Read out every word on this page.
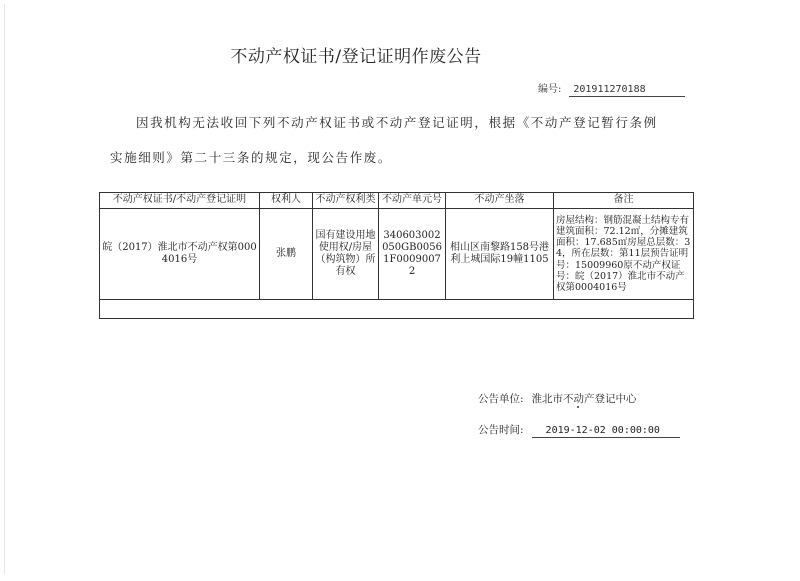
不动产权证书/登记证明作废公告
编号: 201911270188
因我机构无法收回下列不动产权证书或不动产登记证明，根据《不动产登记暂行条例
实施细则》第二十三条的规定，现公告作废。
不动产权证书/不动产登记证明	权利人	不动产权利类	不动产单元号	不动产坐落	备注
皖（2017）淮北市不动产权第0004016号	张鹏	国有建设用地使用权/房屋（构筑物）所有权	340603002050GB00561F00090072	相山区南黎路158号港利上城国际19幢1105	房屋结构：钢筋混凝土结构专有建筑面积：72.12㎡，分摊建筑面积：17.685㎡房屋总层数：34，所在层数：第11层预告证明号：15009960原不动产权证号：皖（2017）淮北市不动产权第0004016号

公告单位: 淮北市不动产登记中心
公告时间: 2019-12-02 00:00:00
